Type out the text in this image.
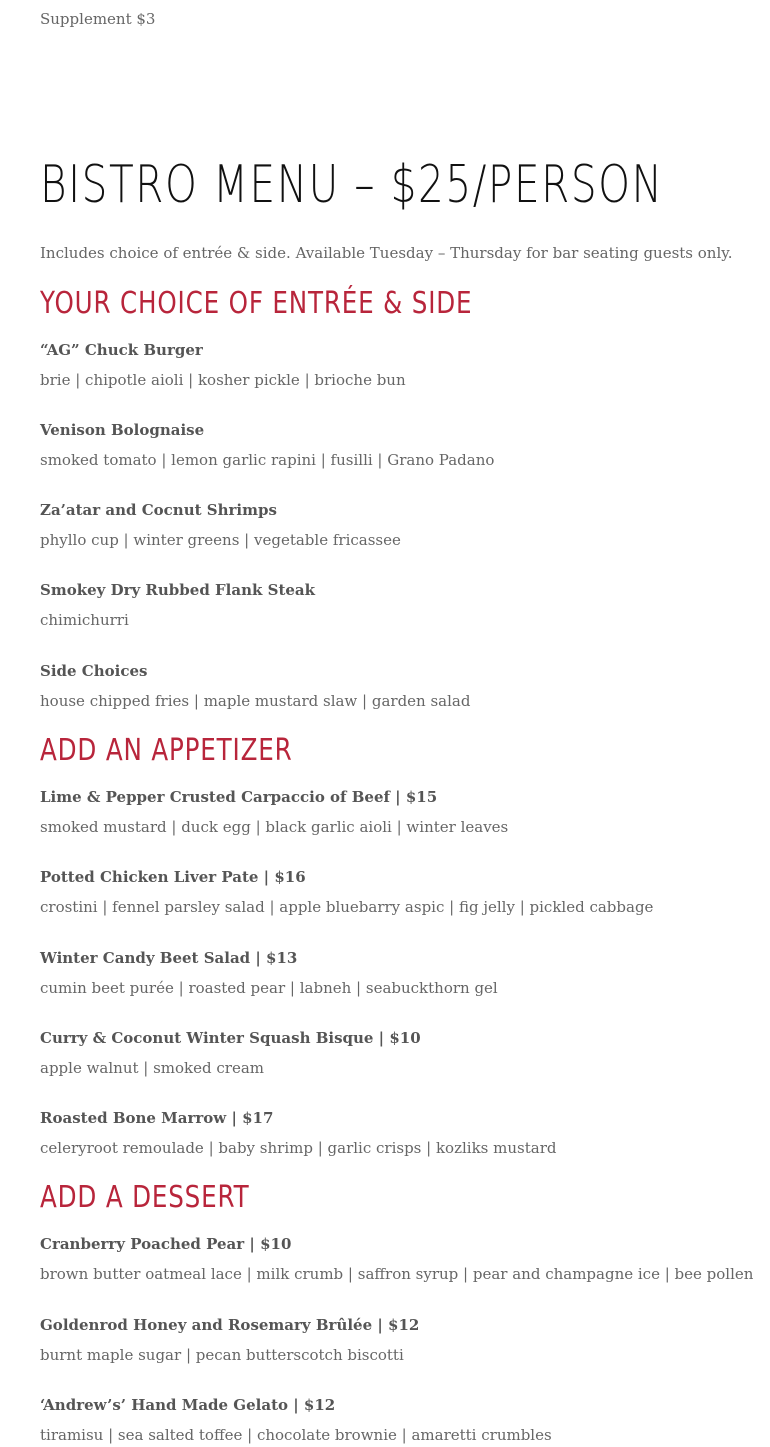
Supplement $3
BISTRO MENU – $25/PERSON
Includes choice of entrée & side. Available Tuesday – Thursday for bar seating guests only.
YOUR CHOICE OF ENTRÉE & SIDE
“AG” Chuck Burger
brie | chipotle aioli | kosher pickle | brioche bun
Venison Bolognaise
smoked tomato | lemon garlic rapini | fusilli | Grano Padano
Za’atar and Cocnut Shrimps
phyllo cup | winter greens | vegetable fricassee
Smokey Dry Rubbed Flank Steak
chimichurri
Side Choices
house chipped fries | maple mustard slaw | garden salad
ADD AN APPETIZER
Lime & Pepper Crusted Carpaccio of Beef | $15
smoked mustard | duck egg | black garlic aioli | winter leaves
Potted Chicken Liver Pate | $16
crostini | fennel parsley salad | apple bluebarry aspic | fig jelly | pickled cabbage
Winter Candy Beet Salad | $13
cumin beet purée | roasted pear | labneh | seabuckthorn gel
Curry & Coconut Winter Squash Bisque | $10
apple walnut | smoked cream
Roasted Bone Marrow | $17
celeryroot remoulade | baby shrimp | garlic crisps | kozliks mustard
ADD A DESSERT
Cranberry Poached Pear | $10
brown butter oatmeal lace | milk crumb | saffron syrup | pear and champagne ice | bee pollen
Goldenrod Honey and Rosemary Brûlée | $12
burnt maple sugar | pecan butterscotch biscotti
‘Andrew’s’ Hand Made Gelato | $12
tiramisu | sea salted toffee | chocolate brownie | amaretti crumbles
